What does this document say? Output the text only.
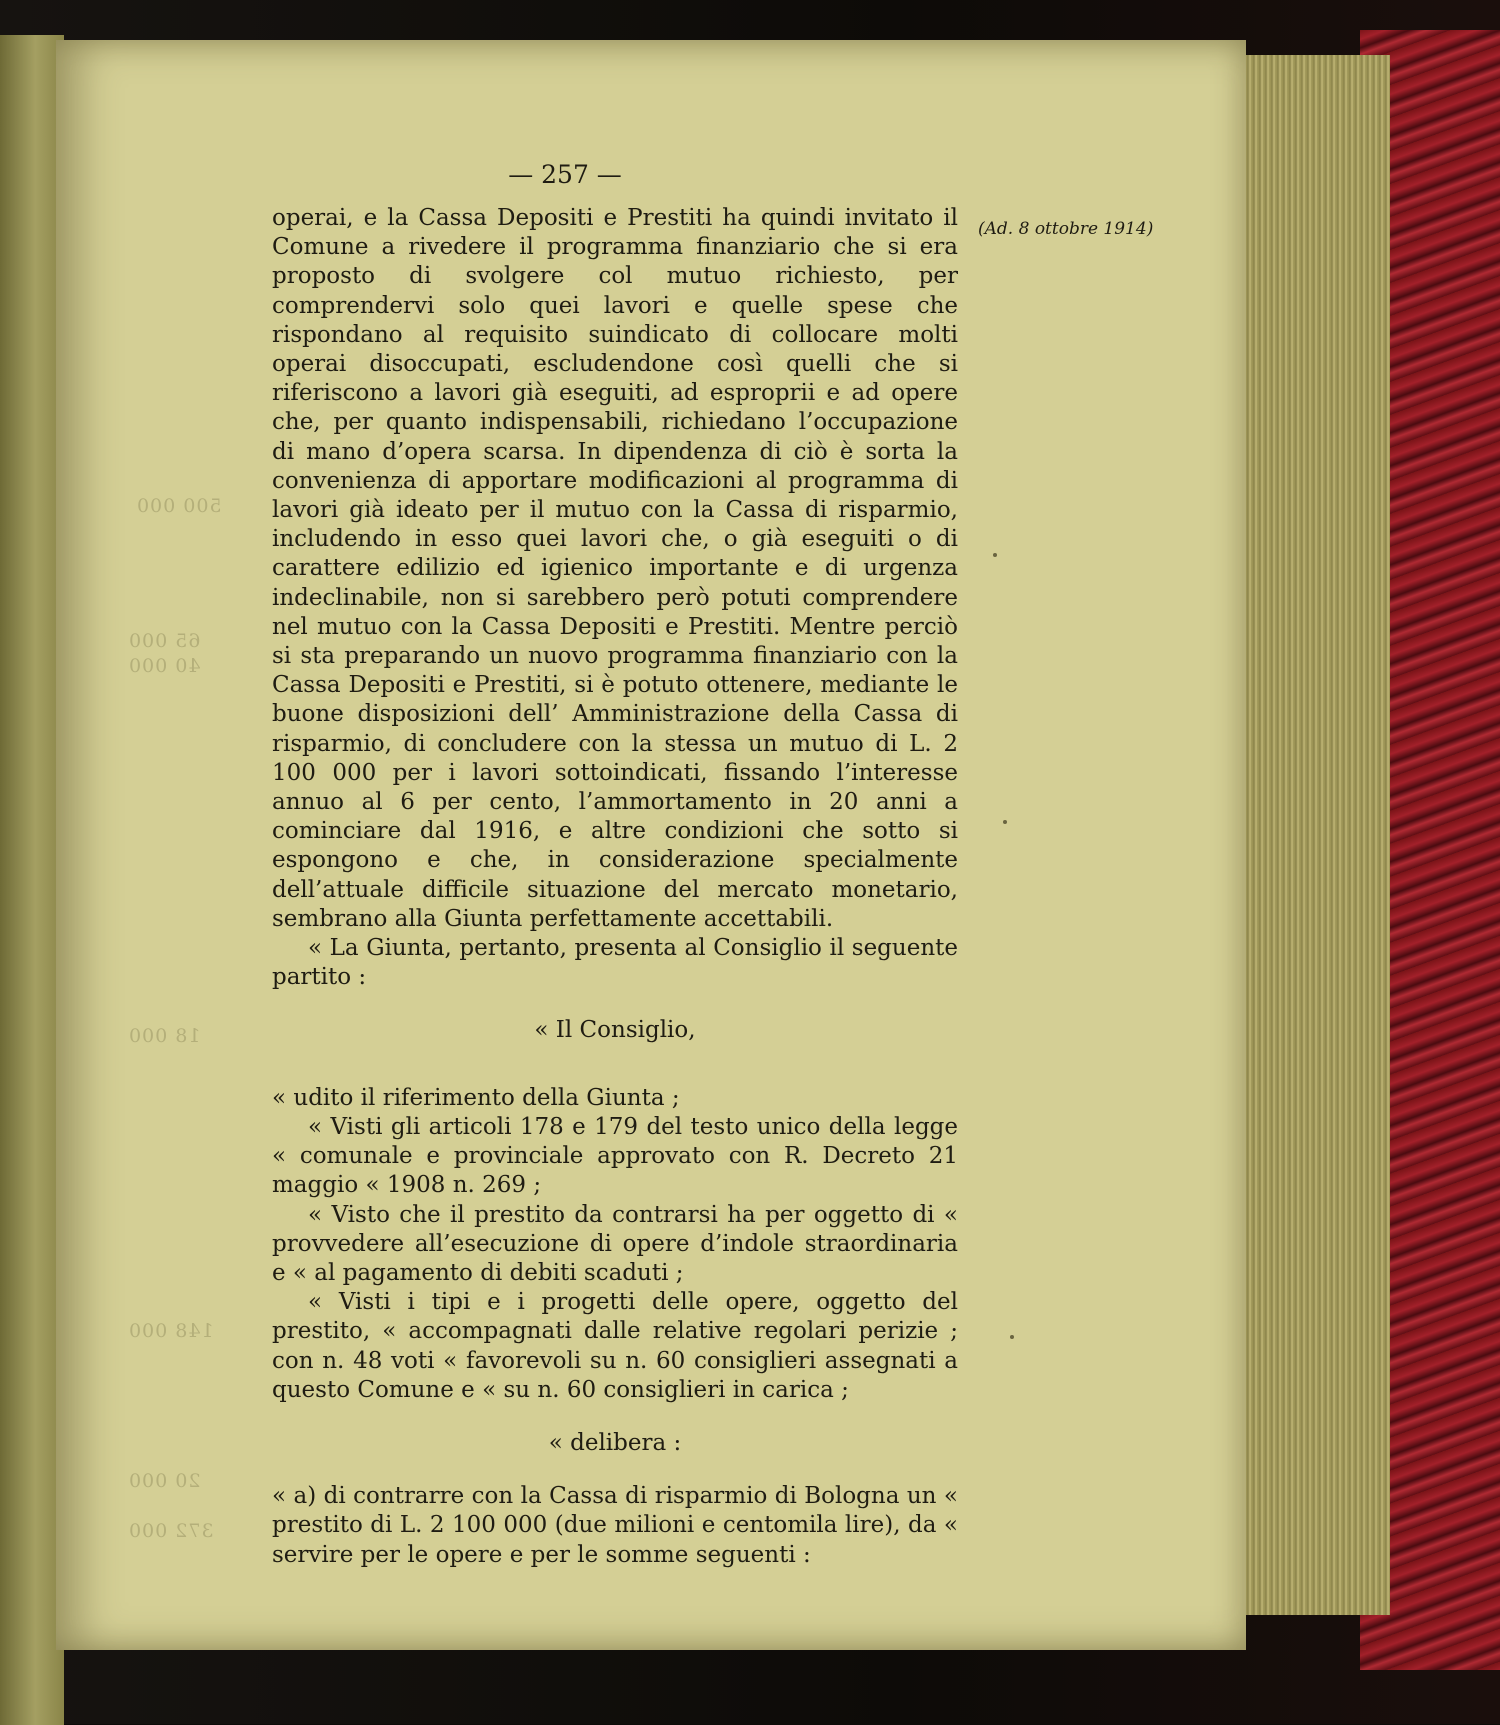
500 000
65 000
40 000
18 000
148 000
20 000
372 000
— 257 —
(Ad. 8 ottobre 1914)

operai, e la Cassa Depositi e Prestiti ha quindi invitato il Comune a rivedere il programma finanziario che si era proposto di svolgere col mutuo richiesto, per comprendervi solo quei lavori e quelle spese che rispondano al requisito suindicato di collocare molti operai disoccupati, escludendone così quelli che si riferiscono a lavori già eseguiti, ad esproprii e ad opere che, per quanto indispensabili, richiedano l’occupazione di mano d’opera scarsa. In dipendenza di ciò è sorta la convenienza di apportare modificazioni al programma di lavori già ideato per il mutuo con la Cassa di risparmio, includendo in esso quei lavori che, o già eseguiti o di carattere edilizio ed igienico importante e di urgenza indeclinabile, non si sarebbero però potuti comprendere nel mutuo con la Cassa Depositi e Prestiti. Mentre perciò si sta preparando un nuovo programma finanziario con la Cassa Depositi e Prestiti, si è potuto ottenere, mediante le buone disposizioni dell’ Amministrazione della Cassa di risparmio, di concludere con la stessa un mutuo di L. 2 100 000 per i lavori sottoindicati, fissando l’interesse annuo al 6 per cento, l’ammortamento in 20 anni a cominciare dal 1916, e altre condizioni che sotto si espongono e che, in considerazione specialmente dell’attuale difficile situazione del mercato monetario, sembrano alla Giunta perfettamente accettabili.

« La Giunta, pertanto, presenta al Consiglio il seguente partito :

« Il Consiglio,

« udito il riferimento della Giunta ;

« Visti gli articoli 178 e 179 del testo unico della legge « comunale e provinciale approvato con R. Decreto 21 maggio « 1908 n. 269 ;

« Visto che il prestito da contrarsi ha per oggetto di « provvedere all’esecuzione di opere d’indole straordinaria e « al pagamento di debiti scaduti ;

« Visti i tipi e i progetti delle opere, oggetto del prestito, « accompagnati dalle relative regolari perizie ; con n. 48 voti « favorevoli su n. 60 consiglieri assegnati a questo Comune e « su n. 60 consiglieri in carica ;

« delibera :

« a) di contrarre con la Cassa di risparmio di Bologna un « prestito di L. 2 100 000 (due milioni e centomila lire), da « servire per le opere e per le somme seguenti :
